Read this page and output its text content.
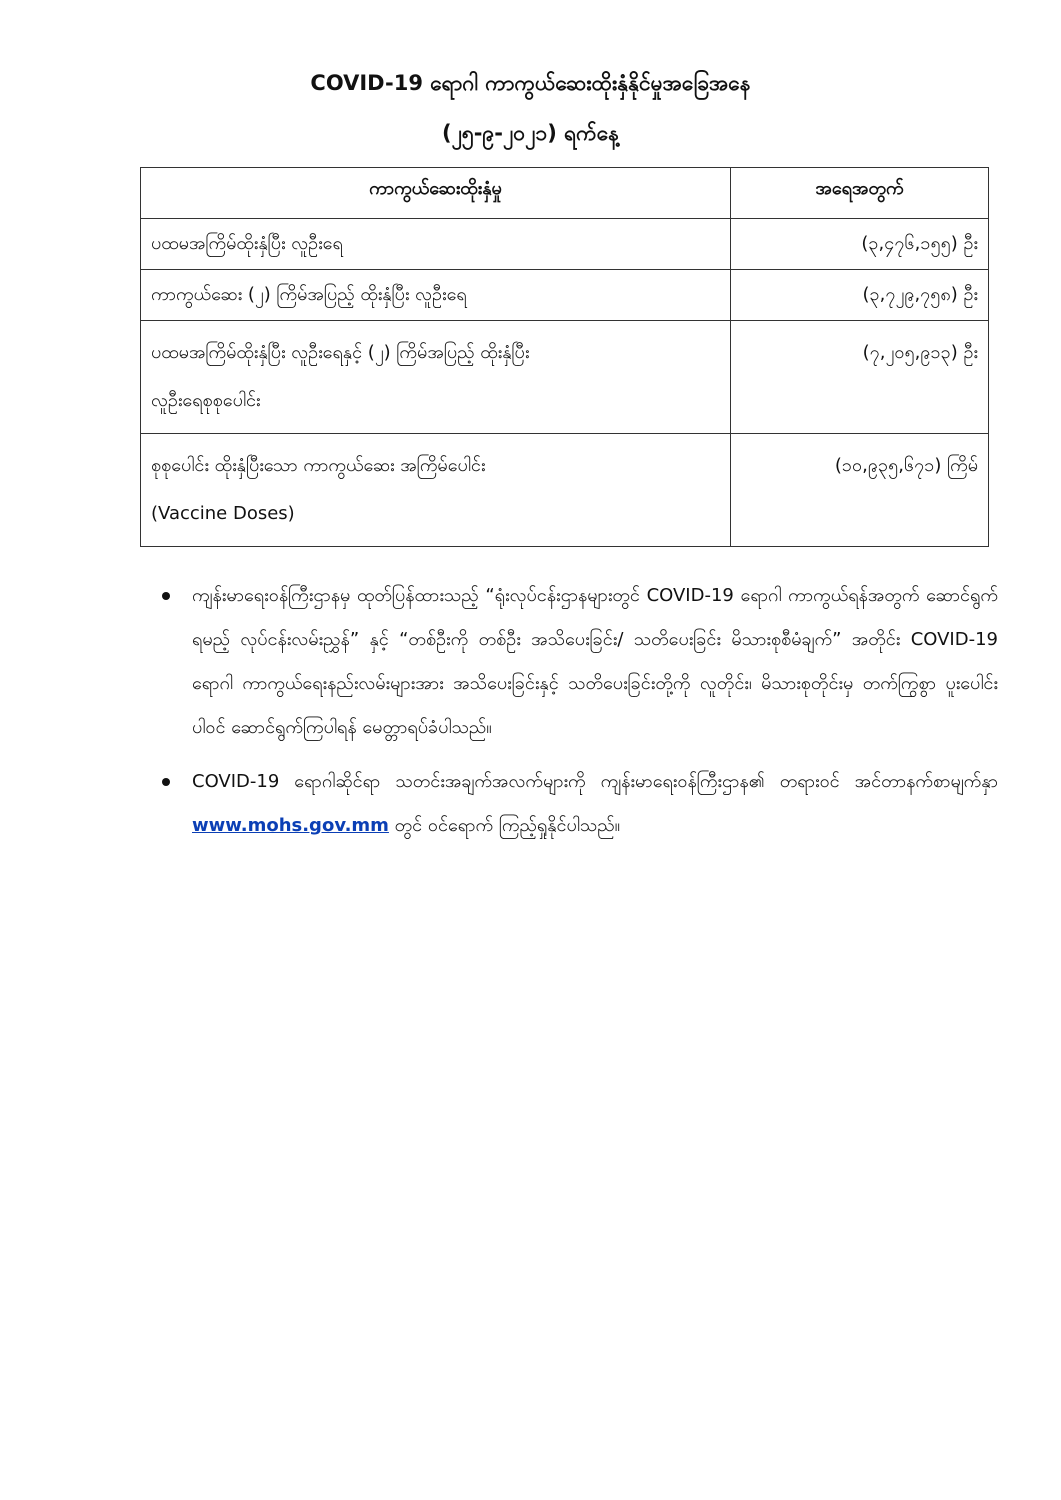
COVID-19 ရောဂါ ကာကွယ်ဆေးထိုးနှံနိုင်မှုအခြေအနေ
(၂၅-၉-၂၀၂၁) ရက်နေ့
ကာကွယ်ဆေးထိုးနှံမှု	အရေအတွက်

ပထမအကြိမ်ထိုးနှံပြီး လူဦးရေ	(၃,၄၇၆,၁၅၅) ဦး

ကာကွယ်ဆေး (၂) ကြိမ်အပြည့် ထိုးနှံပြီး လူဦးရေ	(၃,၇၂၉,၇၅၈) ဦး

ပထမအကြိမ်ထိုးနှံပြီး လူဦးရေနှင့် (၂) ကြိမ်အပြည့် ထိုးနှံပြီး
လူဦးရေစုစုပေါင်း	(၇,၂၀၅,၉၁၃) ဦး

စုစုပေါင်း ထိုးနှံပြီးသော ကာကွယ်ဆေး အကြိမ်ပေါင်း
(Vaccine Doses)	(၁၀,၉၃၅,၆၇၁) ကြိမ်
ကျန်းမာရေးဝန်ကြီးဌာနမှ ထုတ်ပြန်ထားသည့် “ရုံးလုပ်ငန်းဌာနများတွင် COVID-19 ရောဂါ ကာကွယ်ရန်အတွက် ဆောင်ရွက်ရမည့် လုပ်ငန်းလမ်းညွှန်” နှင့် “တစ်ဦးကို တစ်ဦး အသိပေးခြင်း/ သတိပေးခြင်း မိသားစုစီမံချက်” အတိုင်း COVID-19 ရောဂါ ကာကွယ်ရေးနည်းလမ်းများအား အသိပေးခြင်းနှင့် သတိပေးခြင်းတို့ကို လူတိုင်း၊ မိသားစုတိုင်းမှ တက်ကြွစွာ ပူးပေါင်းပါဝင် ဆောင်ရွက်ကြပါရန် မေတ္တာရပ်ခံပါသည်။
COVID-19 ရောဂါဆိုင်ရာ သတင်းအချက်အလက်များကို ကျန်းမာရေးဝန်ကြီးဌာန၏ တရားဝင် အင်တာနက်စာမျက်နှာ www.mohs.gov.mm တွင် ဝင်ရောက် ကြည့်ရှုနိုင်ပါသည်။
